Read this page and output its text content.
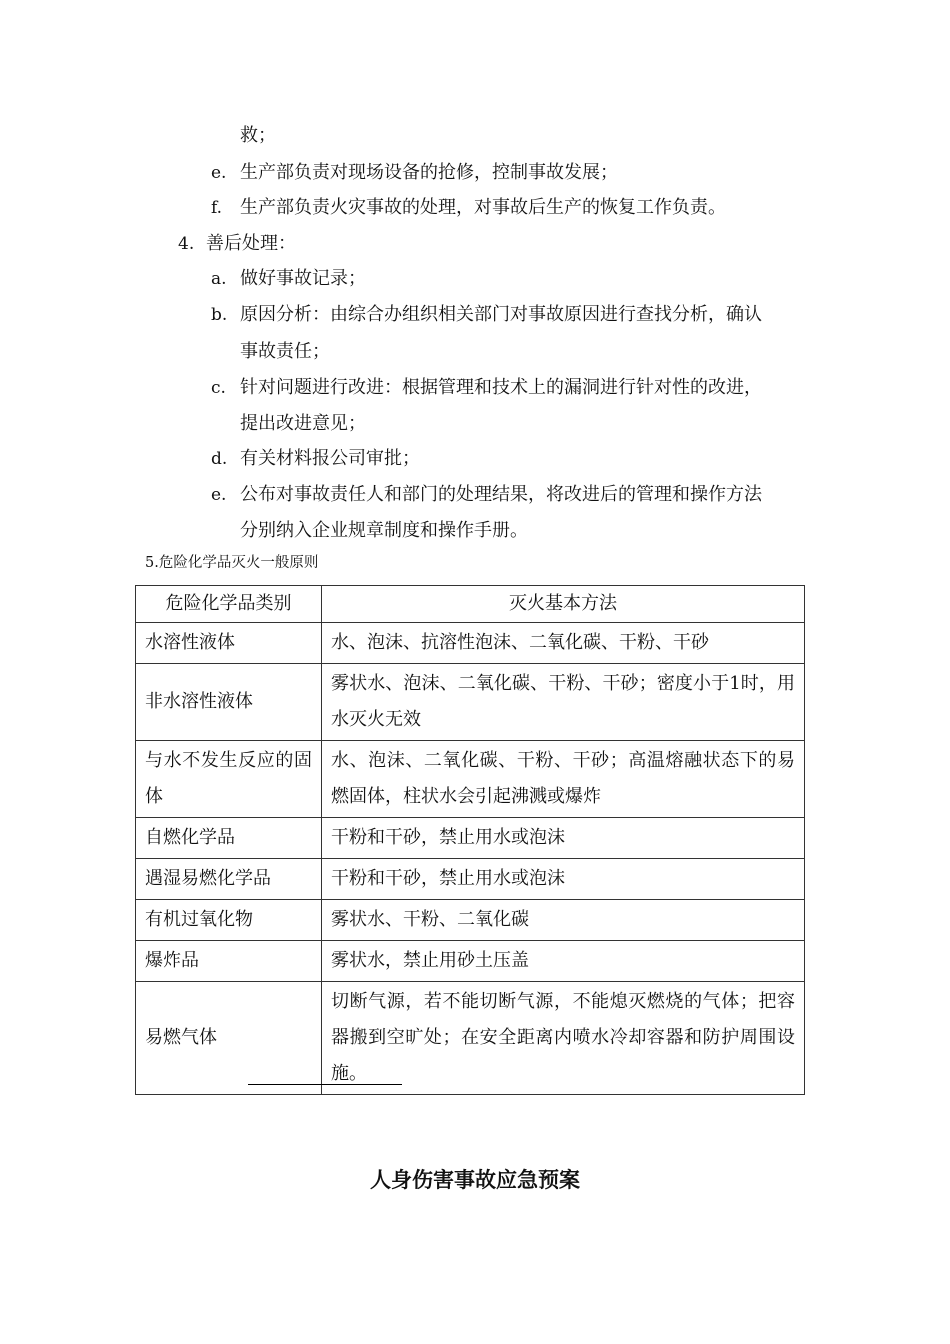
救；
e. 生产部负责对现场设备的抢修，控制事故发展；
f. 生产部负责火灾事故的处理，对事故后生产的恢复工作负责。
4. 善后处理：
a. 做好事故记录；
b. 原因分析：由综合办组织相关部门对事故原因进行查找分析，确认
事故责任；
c. 针对问题进行改进：根据管理和技术上的漏洞进行针对性的改进，
提出改进意见；
d. 有关材料报公司审批；
e. 公布对事故责任人和部门的处理结果，将改进后的管理和操作方法
分别纳入企业规章制度和操作手册。
5.危险化学品灭火一般原则
危险化学品类别	灭火基本方法
水溶性液体	水、泡沫、抗溶性泡沫、二氧化碳、干粉、干砂
非水溶性液体	雾状水、泡沫、二氧化碳、干粉、干砂；密度小于1时，用水灭火无效
与水不发生反应的固体	水、泡沫、二氧化碳、干粉、干砂；高温熔融状态下的易燃固体，柱状水会引起沸溅或爆炸
自燃化学品	干粉和干砂，禁止用水或泡沫
遇湿易燃化学品	干粉和干砂，禁止用水或泡沫
有机过氧化物	雾状水、干粉、二氧化碳
爆炸品	雾状水，禁止用砂土压盖
易燃气体	切断气源，若不能切断气源，不能熄灭燃烧的气体；把容器搬到空旷处；在安全距离内喷水冷却容器和防护周围设施。
人身伤害事故应急预案
